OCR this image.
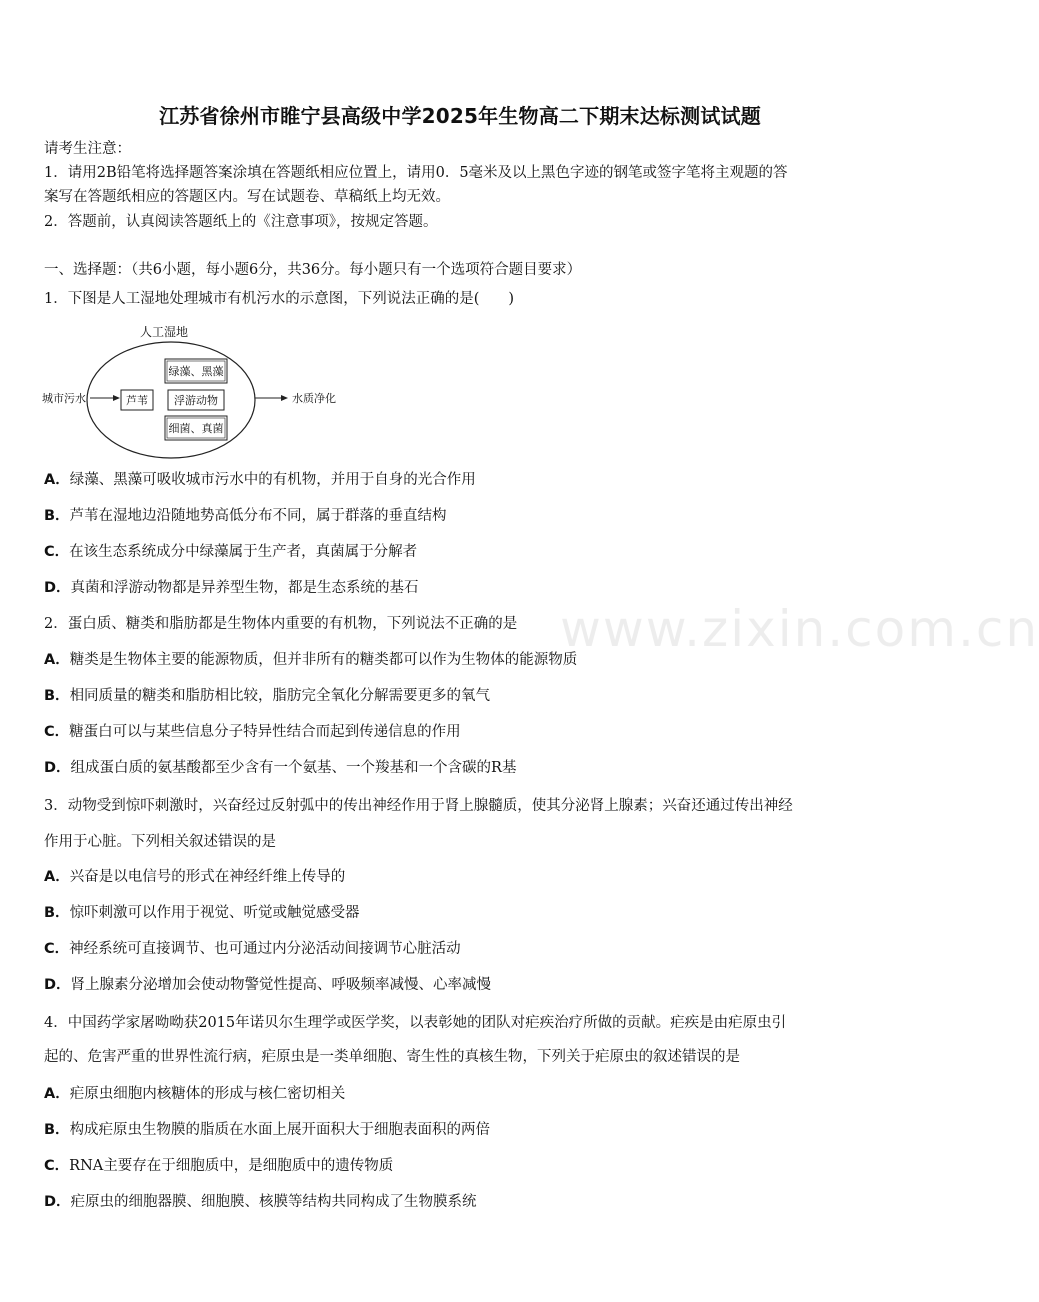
江苏省徐州市睢宁县高级中学2025年生物高二下期末达标测试试题
请考生注意：
1．请用2B铅笔将选择题答案涂填在答题纸相应位置上，请用0．5毫米及以上黑色字迹的钢笔或签字笔将主观题的答
案写在答题纸相应的答题区内。写在试题卷、草稿纸上均无效。
2．答题前，认真阅读答题纸上的《注意事项》，按规定答题。
一、选择题：（共6小题，每小题6分，共36分。每小题只有一个选项符合题目要求）
1．下图是人工湿地处理城市有机污水的示意图，下列说法正确的是(　　)
人工湿地
城市污水	芦苇
绿藻、黑藻
浮游动物
细菌、真菌
水质净化
A．绿藻、黑藻可吸收城市污水中的有机物，并用于自身的光合作用
B．芦苇在湿地边沿随地势高低分布不同，属于群落的垂直结构
C．在该生态系统成分中绿藻属于生产者，真菌属于分解者
D．真菌和浮游动物都是异养型生物，都是生态系统的基石
2．蛋白质、糖类和脂肪都是生物体内重要的有机物，下列说法不正确的是
A．糖类是生物体主要的能源物质，但并非所有的糖类都可以作为生物体的能源物质
B．相同质量的糖类和脂肪相比较，脂肪完全氧化分解需要更多的氧气
C．糖蛋白可以与某些信息分子特异性结合而起到传递信息的作用
D．组成蛋白质的氨基酸都至少含有一个氨基、一个羧基和一个含碳的R基
3．动物受到惊吓刺激时，兴奋经过反射弧中的传出神经作用于肾上腺髓质，使其分泌肾上腺素；兴奋还通过传出神经
作用于心脏。下列相关叙述错误的是
A．兴奋是以电信号的形式在神经纤维上传导的
B．惊吓刺激可以作用于视觉、听觉或触觉感受器
C．神经系统可直接调节、也可通过内分泌活动间接调节心脏活动
D．肾上腺素分泌增加会使动物警觉性提高、呼吸频率减慢、心率减慢
4．中国药学家屠呦呦获2015年诺贝尔生理学或医学奖，以表彰她的团队对疟疾治疗所做的贡献。疟疾是由疟原虫引
起的、危害严重的世界性流行病，疟原虫是一类单细胞、寄生性的真核生物，下列关于疟原虫的叙述错误的是
A．疟原虫细胞内核糖体的形成与核仁密切相关
B．构成疟原虫生物膜的脂质在水面上展开面积大于细胞表面积的两倍
C．RNA主要存在于细胞质中，是细胞质中的遗传物质
D．疟原虫的细胞器膜、细胞膜、核膜等结构共同构成了生物膜系统
www.zixin.com.cn
